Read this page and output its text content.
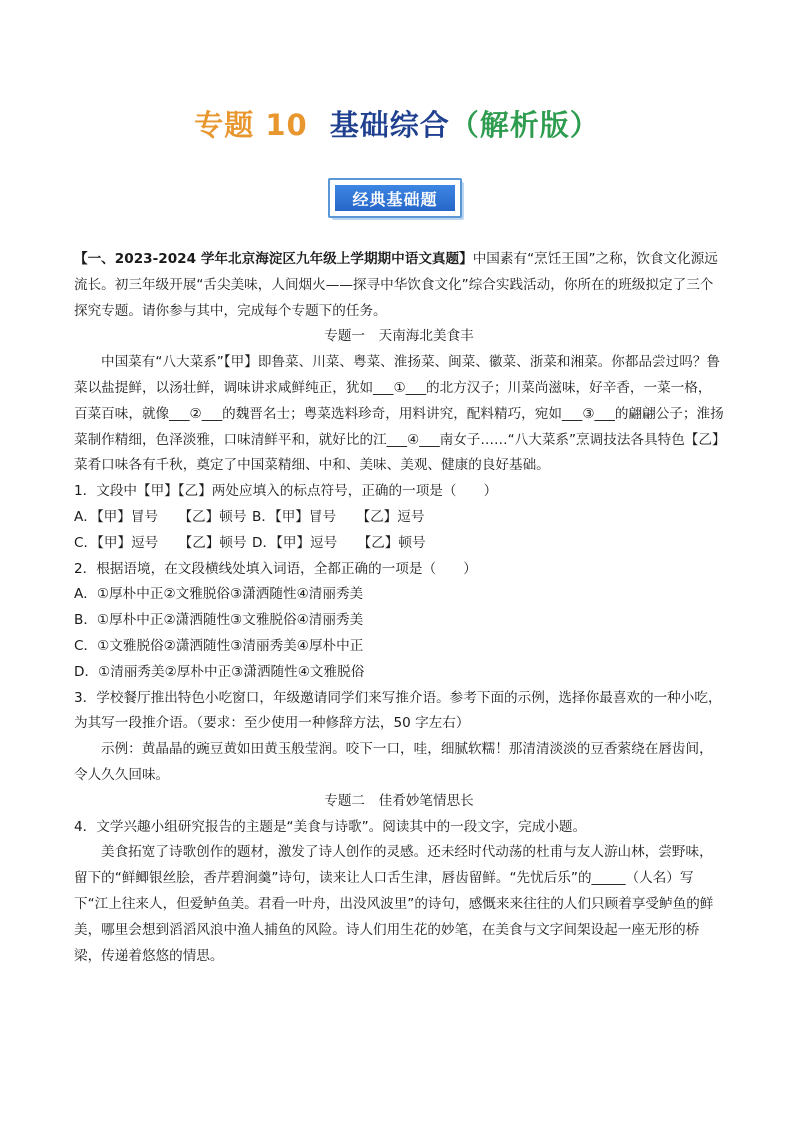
专题 10 基础综合（解析版）
经典基础题

【一、2023-2024 学年北京海淀区九年级上学期期中语文真题】中国素有“烹饪王国”之称，饮食文化源远流长。初三年级开展“舌尖美味，人间烟火——探寻中华饮食文化”综合实践活动，你所在的班级拟定了三个探究专题。请你参与其中，完成每个专题下的任务。

专题一　天南海北美食丰

中国菜有“八大菜系”【甲】即鲁菜、川菜、粤菜、淮扬菜、闽菜、徽菜、浙菜和湘菜。你都品尝过吗？鲁菜以盐提鲜，以汤壮鲜，调味讲求咸鲜纯正，犹如___①___的北方汉子；川菜尚滋味，好辛香，一菜一格，百菜百味，就像___②___的魏晋名士；粤菜选料珍奇，用料讲究，配料精巧，宛如___③___的翩翩公子；淮扬菜制作精细，色泽淡雅，口味清鲜平和，就好比的江___④___南女子……“八大菜系”烹调技法各具特色【乙】菜肴口味各有千秋，奠定了中国菜精细、中和、美味、美观、健康的良好基础。

1．文段中【甲】【乙】两处应填入的标点符号，正确的一项是（　　）

A．【甲】冒号　　【乙】顿号 B．【甲】冒号　　【乙】逗号
C．【甲】逗号　　【乙】顿号 D．【甲】逗号　　【乙】顿号

2．根据语境，在文段横线处填入词语，全都正确的一项是（　　）

A．①厚朴中正②文雅脱俗③潇洒随性④清丽秀美

B．①厚朴中正②潇洒随性③文雅脱俗④清丽秀美

C．①文雅脱俗②潇洒随性③清丽秀美④厚朴中正

D．①清丽秀美②厚朴中正③潇洒随性④文雅脱俗

3．学校餐厅推出特色小吃窗口，年级邀请同学们来写推介语。参考下面的示例，选择你最喜欢的一种小吃，为其写一段推介语。（要求：至少使用一种修辞方法，50 字左右）

示例：黄晶晶的豌豆黄如田黄玉般莹润。咬下一口，哇，细腻软糯！那清清淡淡的豆香萦绕在唇齿间，令人久久回味。

专题二　佳肴妙笔情思长

4．文学兴趣小组研究报告的主题是“美食与诗歌”。阅读其中的一段文字，完成小题。

美食拓宽了诗歌创作的题材，激发了诗人创作的灵感。还未经时代动荡的杜甫与友人游山林，尝野味，留下的“鲜鲫银丝脍，香芹碧涧羹”诗句，读来让人口舌生津，唇齿留鲜。“先忧后乐”的_____（人名）写下“江上往来人，但爱鲈鱼美。君看一叶舟，出没风波里”的诗句，感慨来来往往的人们只顾着享受鲈鱼的鲜美，哪里会想到滔滔风浪中渔人捕鱼的风险。诗人们用生花的妙笔，在美食与文字间架设起一座无形的桥梁，传递着悠悠的情思。
